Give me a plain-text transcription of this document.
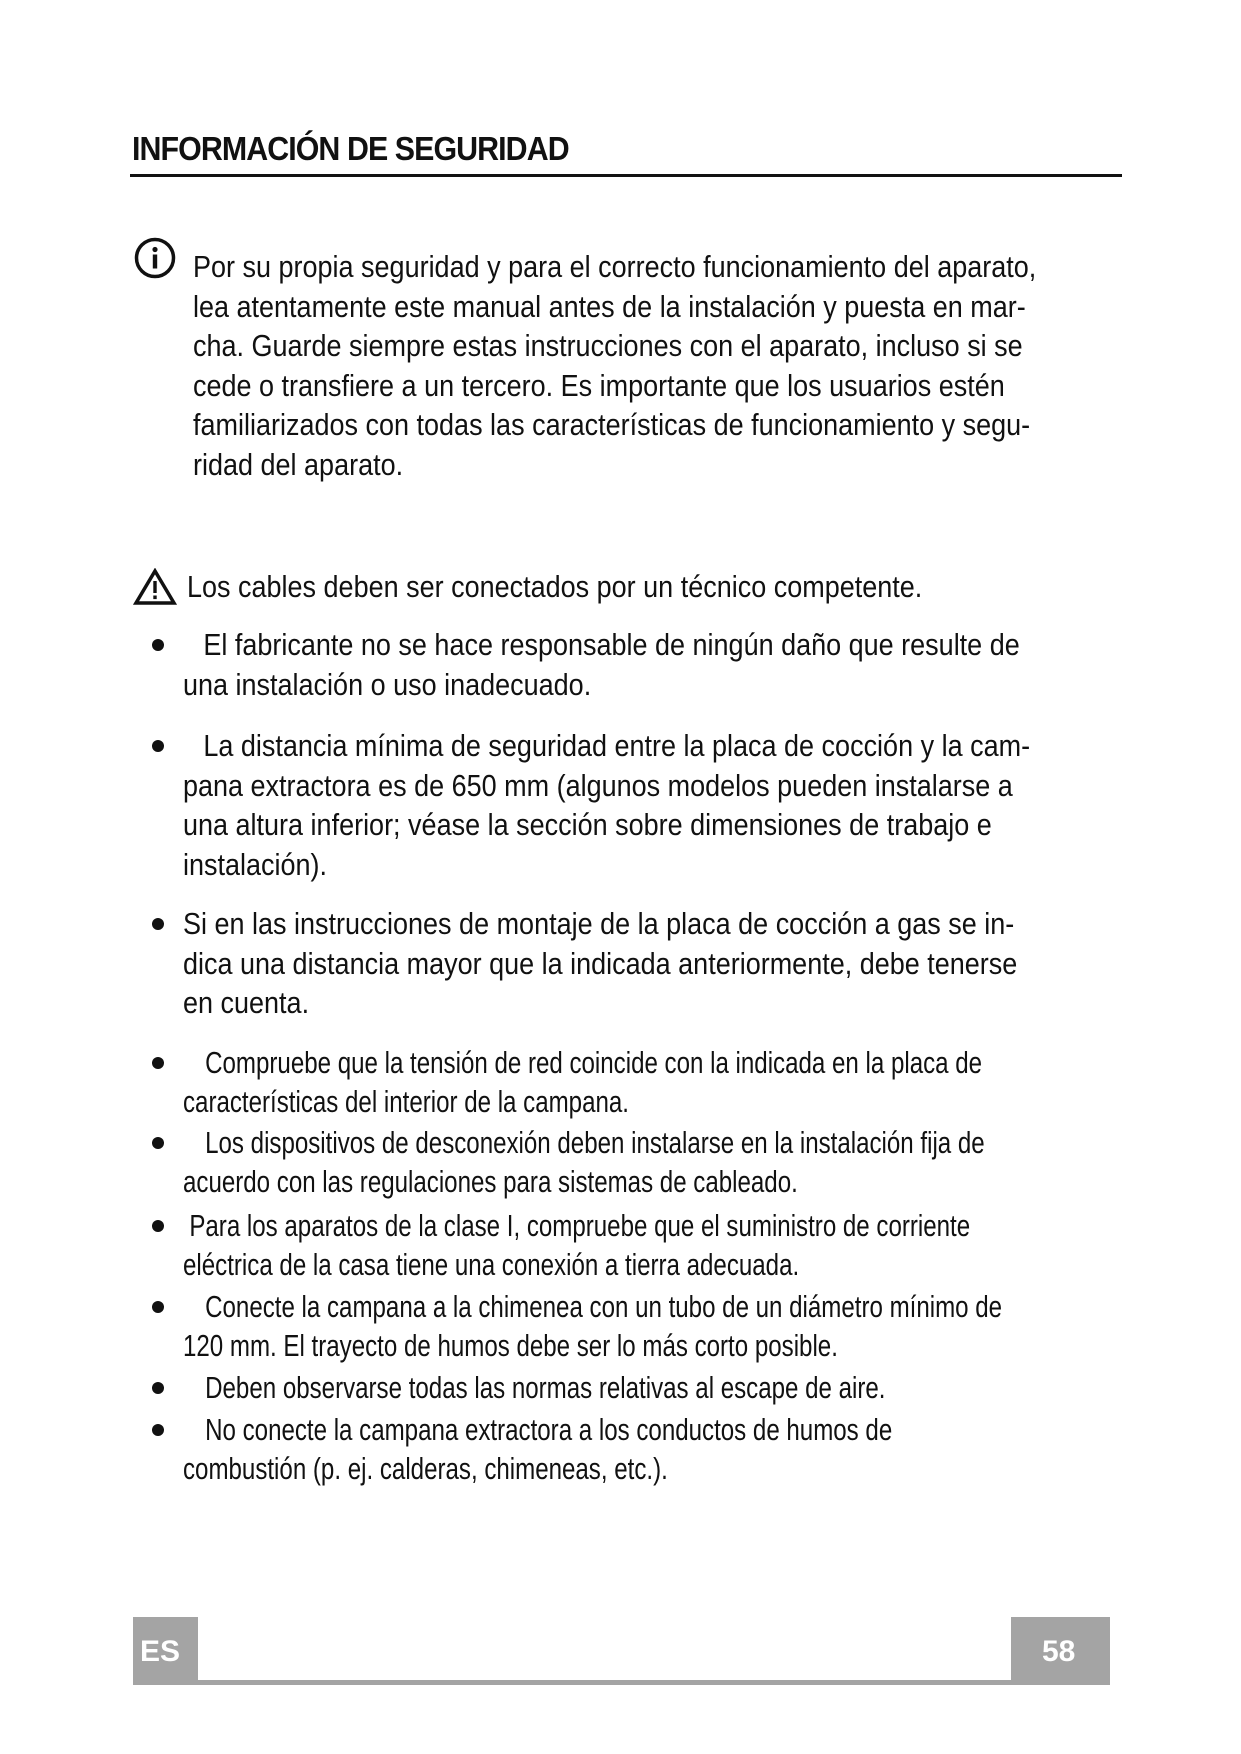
INFORMACIÓN DE SEGURIDAD
Por su propia seguridad y para el correcto funcionamiento del aparato,
lea atentamente este manual antes de la instalación y puesta en mar-
cha. Guarde siempre estas instrucciones con el aparato, incluso si se
cede o transfiere a un tercero. Es importante que los usuarios estén
familiarizados con todas las características de funcionamiento y segu-
ridad del aparato.
Los cables deben ser conectados por un técnico competente.
El fabricante no se hace responsable de ningún daño que resulte de
una instalación o uso inadecuado.
La distancia mínima de seguridad entre la placa de cocción y la cam-
pana extractora es de 650 mm (algunos modelos pueden instalarse a
una altura inferior; véase la sección sobre dimensiones de trabajo e
instalación).
Si en las instrucciones de montaje de la placa de cocción a gas se in-
dica una distancia mayor que la indicada anteriormente, debe tenerse
en cuenta.
Compruebe que la tensión de red coincide con la indicada en la placa de
características del interior de la campana.
Los dispositivos de desconexión deben instalarse en la instalación fija de
acuerdo con las regulaciones para sistemas de cableado.
Para los aparatos de la clase I, compruebe que el suministro de corriente
eléctrica de la casa tiene una conexión a tierra adecuada.
Conecte la campana a la chimenea con un tubo de un diámetro mínimo de
120 mm. El trayecto de humos debe ser lo más corto posible.
Deben observarse todas las normas relativas al escape de aire.
No conecte la campana extractora a los conductos de humos de
combustión (p. ej. calderas, chimeneas, etc.).
ES	58
